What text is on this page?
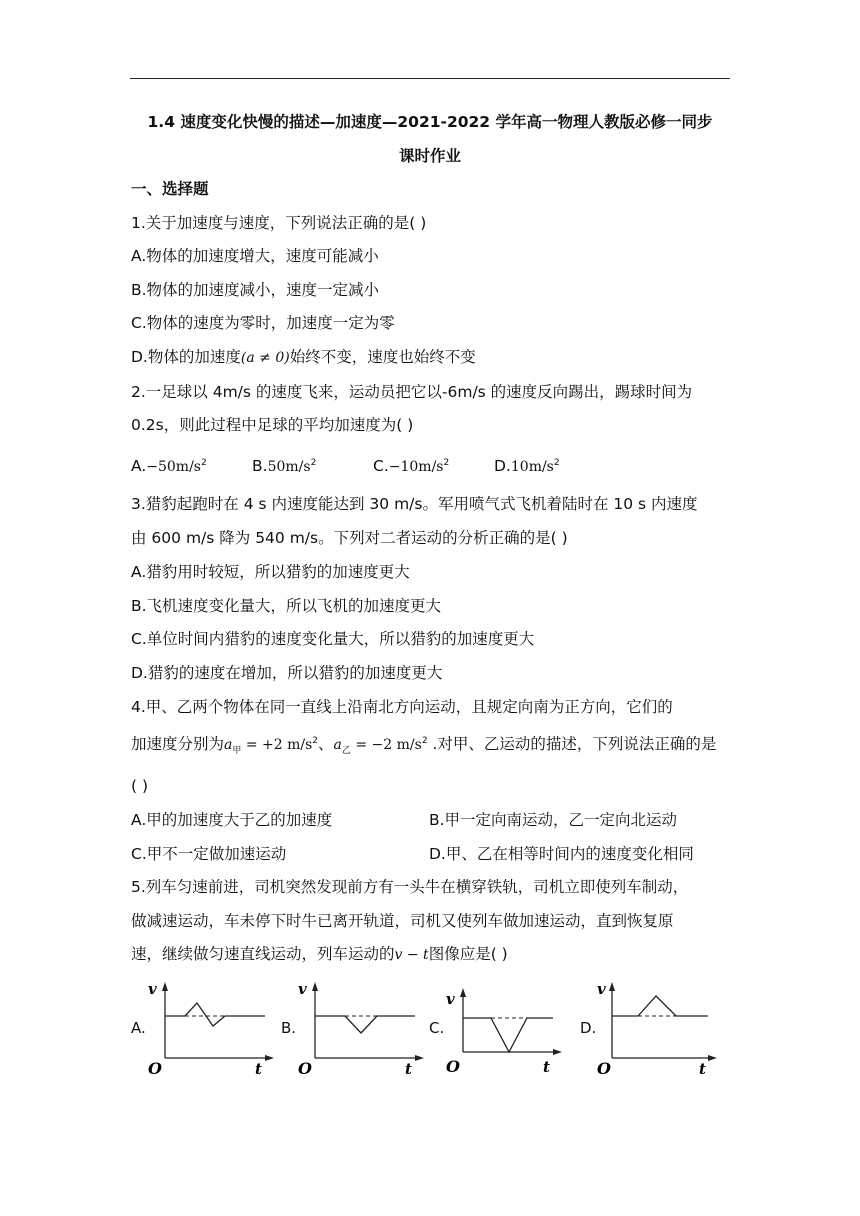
1.4 速度变化快慢的描述—加速度—2021-2022 学年高一物理人教版必修一同步
课时作业
一、选择题
1.关于加速度与速度，下列说法正确的是( )
A.物体的加速度增大，速度可能减小
B.物体的加速度减小，速度一定减小
C.物体的速度为零时，加速度一定为零
D.物体的加速度(a ≠ 0)始终不变，速度也始终不变
2.一足球以 4m/s 的速度飞来，运动员把它以-6m/s 的速度反向踢出，踢球时间为
0.2s，则此过程中足球的平均加速度为( )
$A.-50m/s^2$	$B.50m/s^2$	$C.-10m/s^2$	$D.10m/s^2$
3.猎豹起跑时在 4 s 内速度能达到 30 m/s。军用喷气式飞机着陆时在 10 s 内速度
由 600 m/s 降为 540 m/s。下列对二者运动的分析正确的是( )
A.猎豹用时较短，所以猎豹的加速度更大
B.飞机速度变化量大，所以飞机的加速度更大
C.单位时间内猎豹的速度变化量大，所以猎豹的加速度更大
D.猎豹的速度在增加，所以猎豹的加速度更大
4.甲、乙两个物体在同一直线上沿南北方向运动，且规定向南为正方向，它们的
加速度分别为$a_甲 = +2$ $m/s^2$、$a_乙 = -2$ $m/s^2$ .对甲、乙运动的描述，下列说法正确的是
( )
A.甲的加速度大于乙的加速度	B.甲一定向南运动，乙一定向北运动
C.甲不一定做加速运动	D.甲、乙在相等时间内的速度变化相同
5.列车匀速前进，司机突然发现前方有一头牛在横穿铁轨，司机立即使列车制动，
做减速运动，车未停下时牛已离开轨道，司机又使列车做加速运动，直到恢复原
速，继续做匀速直线运动，列车运动的v − t图像应是( )
A.	B.	C.	D.
v
O	t
v
O	t
v
O	t
v
O	t
